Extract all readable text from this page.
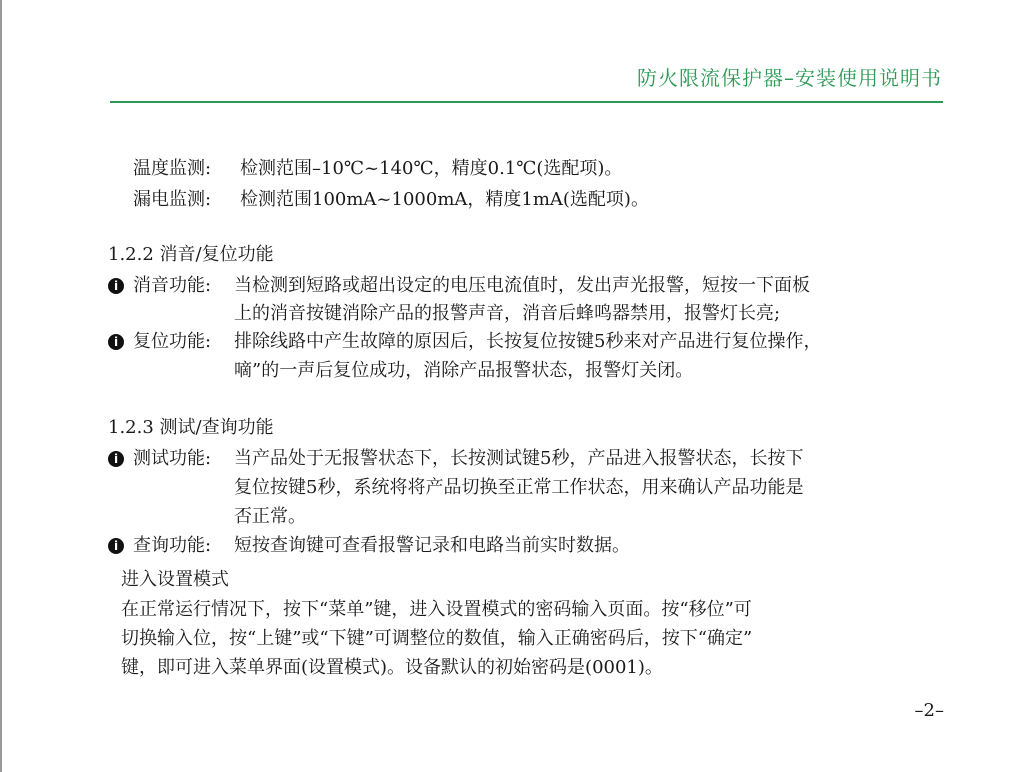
防火限流保护器–安装使用说明书
温度监测: 检测范围–10℃~140℃，精度0.1℃(选配项)。
漏电监测: 检测范围100mA~1000mA，精度1mA(选配项)。
1.2.2 消音/复位功能
i 消音功能: 当检测到短路或超出设定的电压电流值时，发出声光报警，短按一下面板
上的消音按键消除产品的报警声音，消音后蜂鸣器禁用，报警灯长亮;
i 复位功能: 排除线路中产生故障的原因后，长按复位按键5秒来对产品进行复位操作，
嘀”的一声后复位成功，消除产品报警状态，报警灯关闭。
1.2.3 测试/查询功能
i 测试功能: 当产品处于无报警状态下，长按测试键5秒，产品进入报警状态，长按下
复位按键5秒，系统将将产品切换至正常工作状态，用来确认产品功能是
否正常。
i 查询功能: 短按查询键可查看报警记录和电路当前实时数据。
进入设置模式
在正常运行情况下，按下“菜单”键，进入设置模式的密码输入页面。按“移位”可
切换输入位，按“上键”或“下键”可调整位的数值，输入正确密码后，按下“确定”
键，即可进入菜单界面(设置模式)。设备默认的初始密码是(0001)。
–2–
